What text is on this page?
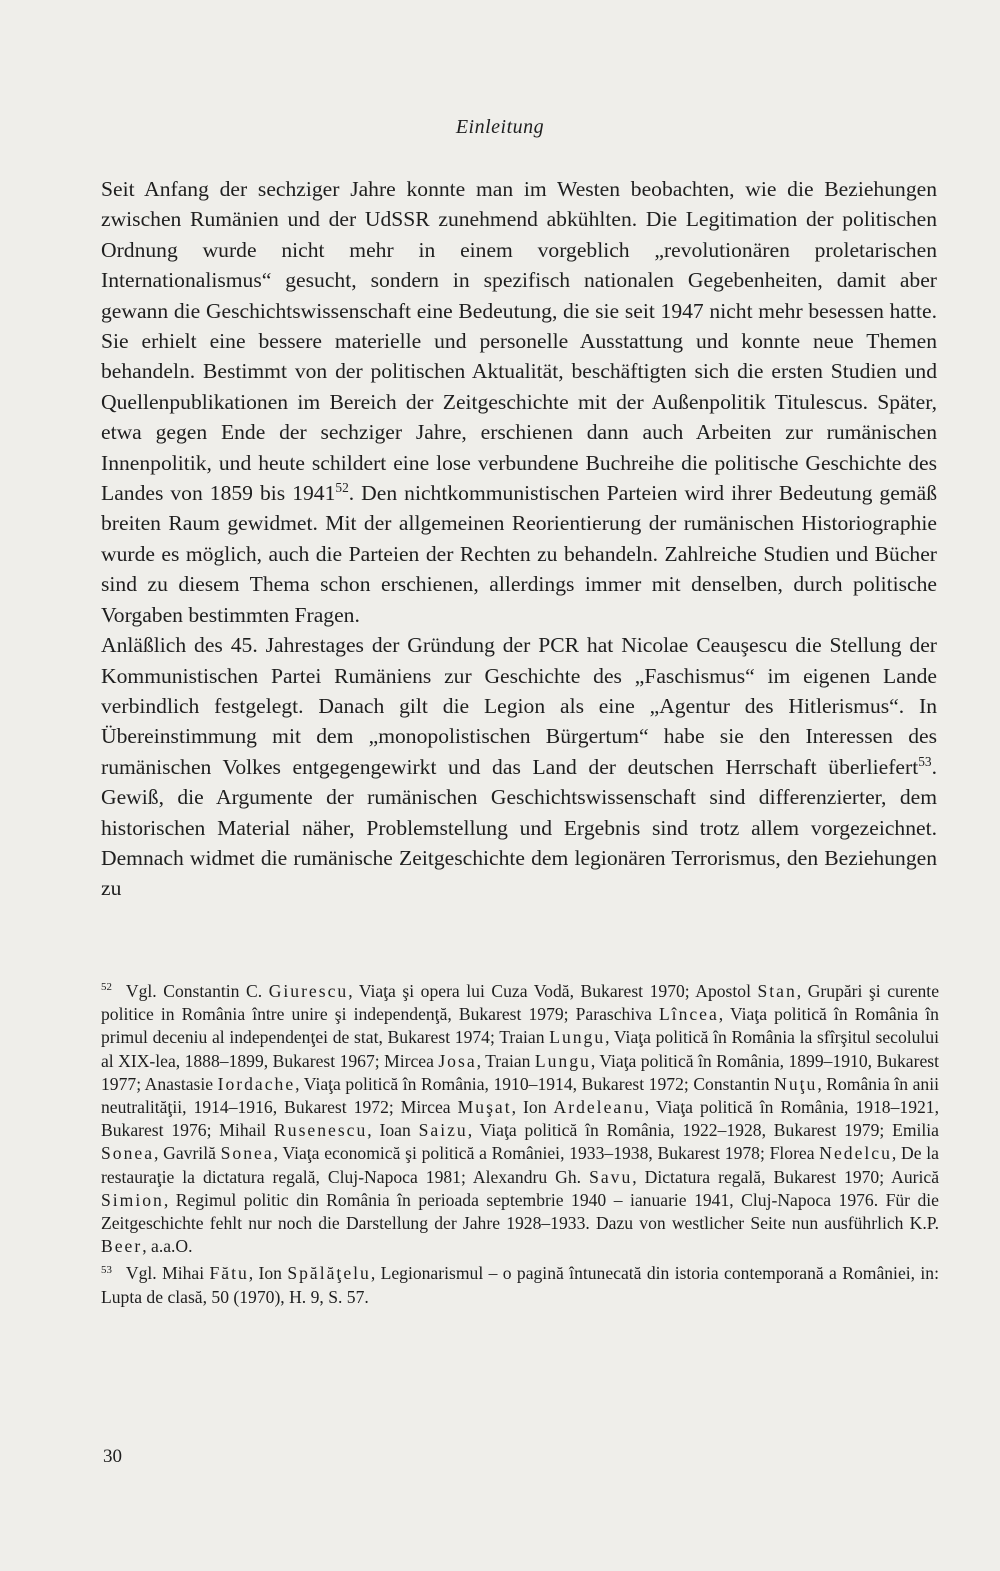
Einleitung

Seit Anfang der sechziger Jahre konnte man im Westen beobachten, wie die Beziehungen zwischen Rumänien und der UdSSR zunehmend abkühlten. Die Legitimation der politischen Ordnung wurde nicht mehr in einem vorgeblich „revolutionären proletarischen Internationalismus“ gesucht, sondern in spezifisch nationalen Gegebenheiten, damit aber gewann die Geschichtswissenschaft eine Bedeutung, die sie seit 1947 nicht mehr besessen hatte. Sie erhielt eine bessere materielle und personelle Ausstattung und konnte neue Themen behandeln. Bestimmt von der politischen Aktualität, beschäftigten sich die ersten Studien und Quellenpublikationen im Bereich der Zeitgeschichte mit der Außenpolitik Titulescus. Später, etwa gegen Ende der sechziger Jahre, erschienen dann auch Arbeiten zur rumänischen Innenpolitik, und heute schildert eine lose verbundene Buchreihe die politische Geschichte des Landes von 1859 bis 1941$^{52}$. Den nichtkommunistischen Parteien wird ihrer Bedeutung gemäß breiten Raum gewidmet. Mit der allgemeinen Reorientierung der rumänischen Historiographie wurde es möglich, auch die Parteien der Rechten zu behandeln. Zahlreiche Studien und Bücher sind zu diesem Thema schon erschienen, allerdings immer mit denselben, durch politische Vorgaben bestimmten Fragen.

Anläßlich des 45. Jahrestages der Gründung der PCR hat Nicolae Ceauşescu die Stellung der Kommunistischen Partei Rumäniens zur Geschichte des „Faschismus“ im eigenen Lande verbindlich festgelegt. Danach gilt die Legion als eine „Agentur des Hitlerismus“. In Übereinstimmung mit dem „monopolistischen Bürgertum“ habe sie den Interessen des rumänischen Volkes entgegengewirkt und das Land der deutschen Herrschaft überliefert$^{53}$. Gewiß, die Argumente der rumänischen Geschichtswissenschaft sind differenzierter, dem historischen Material näher, Problemstellung und Ergebnis sind trotz allem vorgezeichnet. Demnach widmet die rumänische Zeitgeschichte dem legionären Terrorismus, den Beziehungen zu

$^{52}$ Vgl. Constantin C. Giurescu, Viaţa şi opera lui Cuza Vodă, Bukarest 1970; Apostol Stan, Grupări şi curente politice in România între unire şi independenţă, Bukarest 1979; Paraschiva Lîncea, Viaţa politică în România în primul deceniu al independenţei de stat, Bukarest 1974; Traian Lungu, Viaţa politică în România la sfîrşitul secolului al XIX-lea, 1888–1899, Bukarest 1967; Mircea Josa, Traian Lungu, Viaţa politică în România, 1899–1910, Bukarest 1977; Anastasie Iordache, Viaţa politică în România, 1910–1914, Bukarest 1972; Constantin Nuţu, România în anii neutralităţii, 1914–1916, Bukarest 1972; Mircea Muşat, Ion Ardeleanu, Viaţa politică în România, 1918–1921, Bukarest 1976; Mihail Rusenescu, Ioan Saizu, Viaţa politică în România, 1922–1928, Bukarest 1979; Emilia Sonea, Gavrilă Sonea, Viaţa economică şi politică a României, 1933–1938, Bukarest 1978; Florea Nedelcu, De la restauraţie la dictatura regală, Cluj-Napoca 1981; Alexandru Gh. Savu, Dictatura regală, Bukarest 1970; Aurică Simion, Regimul politic din România în perioada septembrie 1940 – ianuarie 1941, Cluj-Napoca 1976. Für die Zeitgeschichte fehlt nur noch die Darstellung der Jahre 1928–1933. Dazu von westlicher Seite nun ausführlich K.P. Beer, a.a.O.

$^{53}$ Vgl. Mihai Fătu, Ion Spălăţelu, Legionarismul – o pagină întunecată din istoria contemporană a României, in: Lupta de clasă, 50 (1970), H. 9, S. 57.

30
